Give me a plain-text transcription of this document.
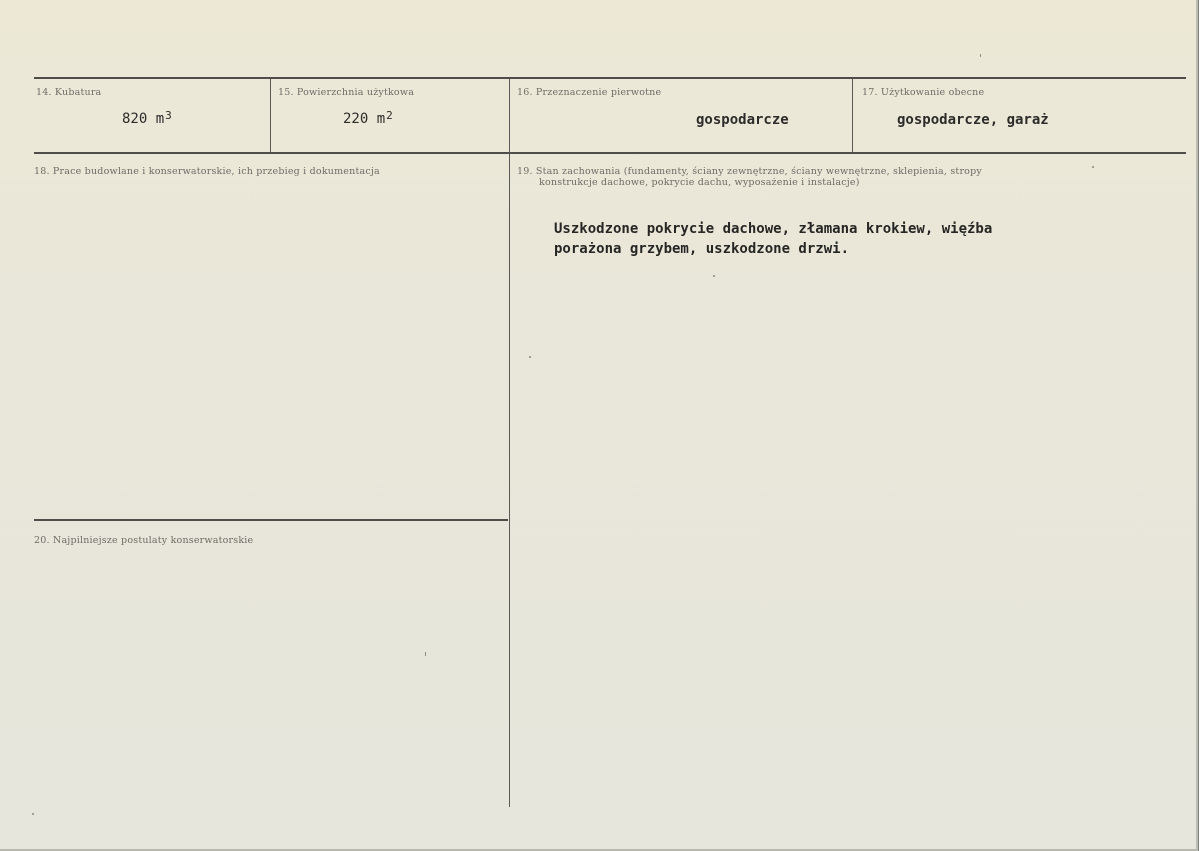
14. Kubatura
820 $m^3$
15. Powierzchnia użytkowa
220 $m^2$
16. Przeznaczenie pierwotne
gospodarcze
17. Użytkowanie obecne
gospodarcze, garaż
18. Prace budowlane i konserwatorskie, ich przebieg i dokumentacja	19. Stan zachowania (fundamenty, ściany zewnętrzne, ściany wewnętrzne, sklepienia, stropy
konstrukcje dachowe, pokrycie dachu, wyposażenie i instalacje)
Uszkodzone pokrycie dachowe, złamana krokiew, więźba
porażona grzybem, uszkodzone drzwi.
20. Najpilniejsze postulaty konserwatorskie
